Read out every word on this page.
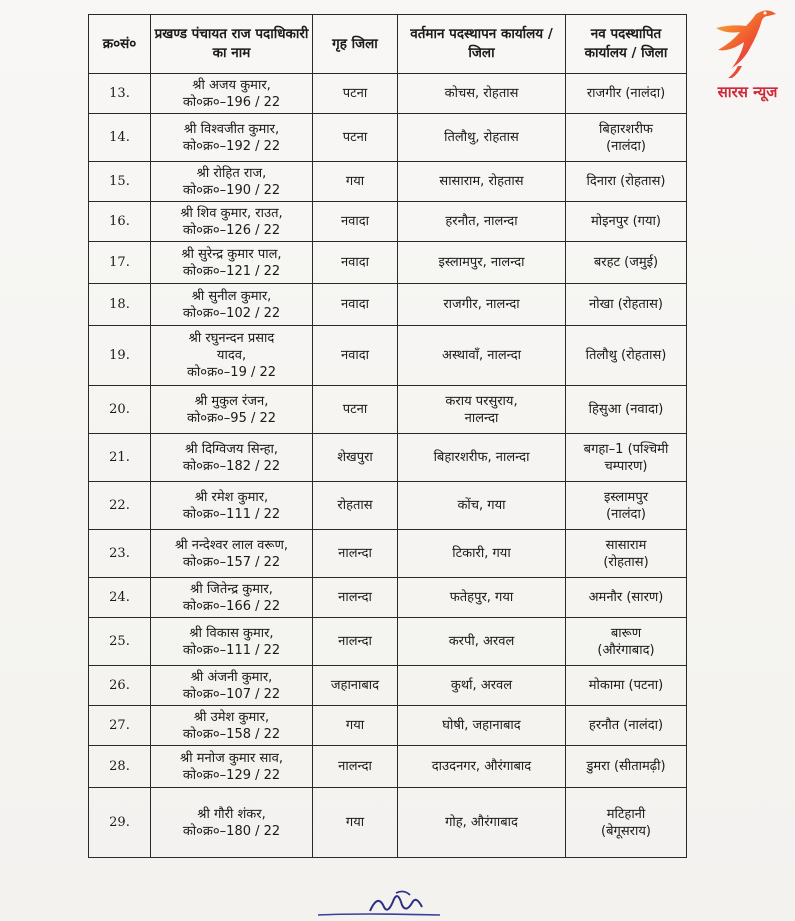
क्र०सं०	प्रखण्ड पंचायत राज पदाधिकारी का नाम	गृह जिला	वर्तमान पदस्थापन कार्यालय / जिला	नव पदस्थापित कार्यालय / जिला
13.	श्री अजय कुमार,
को०क्र०–196 / 22	पटना	कोचस, रोहतास	राजगीर (नालंदा)

14.	श्री विश्वजीत कुमार,
को०क्र०–192 / 22	पटना	तिलौथु, रोहतास	बिहारशरीफ
(नालंदा)

15.	श्री रोहित राज,
को०क्र०–190 / 22	गया	सासाराम, रोहतास	दिनारा (रोहतास)

16.	श्री शिव कुमार, राउत,
को०क्र०–126 / 22	नवादा	हरनौत, नालन्दा	मोइनपुर (गया)

17.	श्री सुरेन्द्र कुमार पाल,
को०क्र०–121 / 22	नवादा	इस्लामपुर, नालन्दा	बरहट (जमुई)

18.	श्री सुनील कुमार,
को०क्र०–102 / 22	नवादा	राजगीर, नालन्दा	नोखा (रोहतास)

19.	श्री रघुनन्दन प्रसाद
यादव,
को०क्र०–19 / 22	नवादा	अस्थावाँ, नालन्दा	तिलौथु (रोहतास)

20.	श्री मुकुल रंजन,
को०क्र०–95 / 22	पटना	कराय परसुराय,
नालन्दा	हिसुआ (नवादा)

21.	श्री दिग्विजय सिन्हा,
को०क्र०–182 / 22	शेखपुरा	बिहारशरीफ, नालन्दा	बगहा–1 (पश्चिमी
चम्पारण)

22.	श्री रमेश कुमार,
को०क्र०–111 / 22	रोहतास	कोंच, गया	इस्लामपुर
(नालंदा)

23.	श्री नन्देश्वर लाल वरूण,
को०क्र०–157 / 22	नालन्दा	टिकारी, गया	सासाराम
(रोहतास)

24.	श्री जितेन्द्र कुमार,
को०क्र०–166 / 22	नालन्दा	फतेहपुर, गया	अमनौर (सारण)

25.	श्री विकास कुमार,
को०क्र०–111 / 22	नालन्दा	करपी, अरवल	बारूण
(औरंगाबाद)

26.	श्री अंजनी कुमार,
को०क्र०–107 / 22	जहानाबाद	कुर्था, अरवल	मोकामा (पटना)

27.	श्री उमेश कुमार,
को०क्र०–158 / 22	गया	घोषी, जहानाबाद	हरनौत (नालंदा)

28.	श्री मनोज कुमार साव,
को०क्र०–129 / 22	नालन्दा	दाउदनगर, औरंगाबाद	डुमरा (सीतामढ़ी)

29.	श्री गौरी शंकर,
को०क्र०–180 / 22	गया	गोह, औरंगाबाद	मटिहानी
(बेगूसराय)
सारस न्यूज
